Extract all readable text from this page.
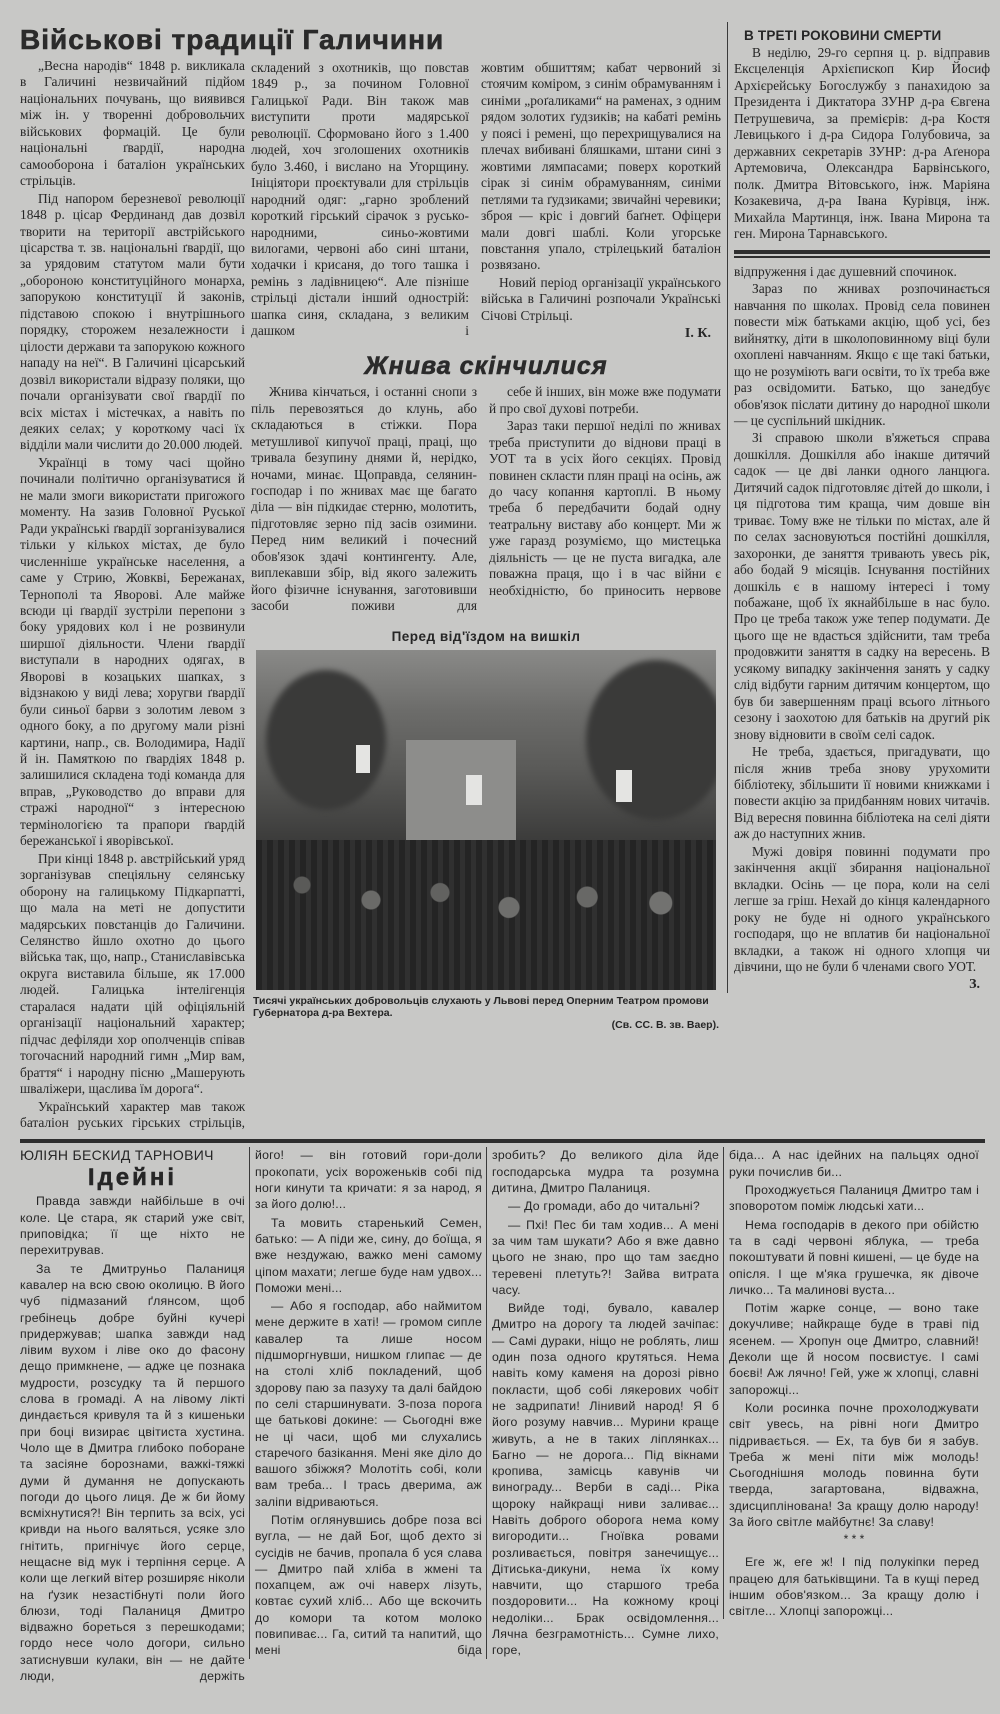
Військові традиції Галичини

„Весна народів“ 1848 р. викликала в Галичині незвичайний підйом національних почувань, що виявився між ін. у творенні добровольчих військових формацій. Це були національні ґвардії, народна самооборона і баталіон українських стрільців.

Під напором березневої революції 1848 р. цісар Фердинанд дав дозвіл творити на території австрійського цісарства т. зв. національні ґвардії, що за урядовим статутом мали бути „обороною конституційного монарха, запорукою конституції й законів, підставою спокою і внутрішнього порядку, сторожем незалежности і цілости держави та запорукою кожного нападу на неї“. В Галичині цісарський дозвіл використали відразу поляки, що почали організувати свої ґвардії по всіх містах і містечках, а навіть по деяких селах; у короткому часі їх відділи мали числити до 20.000 людей.

Українці в тому часі щойно починали політично організуватися й не мали змоги використати пригожого моменту. На зазив Головної Руської Ради українські ґвардії зорганізувалися тільки у кількох містах, де було численніше українське населення, а саме у Стрию, Жовкві, Бережанах, Тернополі та Яворові. Але майже всюди ці ґвардії зустріли перепони з боку урядових кол і не розвинули ширшої діяльности. Члени ґвардії виступали в народних одягах, в Яворові в козацьких шапках, з відзнакою у виді лева; хоругви ґвардії були синьої барви з золотим левом з одного боку, а по другому мали різні картини, напр., св. Володимира, Надії й ін. Памяткою по ґвардіях 1848 р. залишилися складена тоді команда для вправ, „Руководство до вправи для стражі народної“ з інтересною термінологією та прапори ґвардій бережанської і яворівської.

При кінці 1848 р. австрійський уряд зорганізував спеціяльну селянську оборону на галицькому Підкарпатті, що мала на меті не допустити мадярських повстанців до Галичини. Селянство йшло охотно до цього війська так, що, напр., Станиславівська округа виставила більше, як 17.000 людей. Галицька інтелігенція старалася надати цій офіціяльній організації національний характер; підчас дефіляди хор ополченців співав тогочасний народний гимн „Мир вам, браття“ і народну пісню „Машерують шваліжери, щаслива їм дорога“.

Український характер мав також баталіон руських гірських стрільців,

складений з охотників, що повстав 1849 р., за почином Головної Галицької Ради. Він також мав виступити проти мадярської революції. Сформовано його з 1.400 людей, хоч зголошених охотників було 3.460, і вислано на Угорщину. Ініціятори проєктували для стрільців народний одяг: „гарно зроблений короткий гірський сірачок з русько-народними, синьо-жовтими вилогами, червоні або сині штани, ходачки і крисаня, до того ташка і ремінь з ладівницею“. Але пізніше стрільці дістали інший однострій: шапка синя, складана, з великим дашком і

жовтим обшиттям; кабат червоний зі стоячим коміром, з синім обрамуванням і синіми „роґаликами“ на раменах, з одним рядом золотих ґудзиків; на кабаті ремінь у поясі і ремені, що перехрищувалися на плечах вибивані бляшками, штани сині з жовтими лямпасами; поверх короткий сірак зі синім обрамуванням, синіми петлями та ґудзиками; звичайні черевики; зброя — кріс і довгий баґнет. Офіцери мали довгі шаблі. Коли угорське повстання упало, стрілецький баталіон розвязано.

Новий період організації українського війська в Галичині розпочали Українські Січові Стрільці.

І. К.
Жнива скінчилися

Жнива кінчаться, і останні снопи з піль перевозяться до клунь, або складаються в стіжки. Пора метушливої кипучої праці, праці, що тривала безупину днями й, нерідко, ночами, минає. Щоправда, селянин-господар і по жнивах має ще багато діла — він підкидає стерню, молотить, підготовляє зерно під засів озимини. Перед ним великий і почесний обов'язок здачі контингенту. Але, виплекавши збір, від якого залежить його фізичне існування, заготовивши засоби поживи для

себе й інших, він може вже подумати й про свої духові потреби.

Зараз таки першої неділі по жнивах треба приступити до віднови праці в УОТ та в усіх його секціях. Провід повинен скласти плян праці на осінь, аж до часу копання картоплі. В ньому треба б передбачити бодай одну театральну виставу або концерт. Ми ж уже гаразд розуміємо, що мистецька діяльність — це не пуста вигадка, але поважна праця, що і в час війни є необхідністю, бо приносить нервове

Перед від'їздом на вишкіл
Тисячі українських добровольців слухають у Львові перед Оперним Театром промови Губернатора д-ра Вехтера.
(Св. СС. В. зв. Ваер).
В ТРЕТІ РОКОВИНИ СМЕРТИ

В неділю, 29-го серпня ц. р. відправив Ексцеленція Архієпископ Кир Йосиф Архієрейську Богослужбу з панахидою за Президента і Диктатора ЗУНР д-ра Євгена Петрушевича, за премієрів: д-ра Костя Левицького і д-ра Сидора Голубовича, за державних секретарів ЗУНР: д-ра Аґенора Артемовича, Олександра Барвінського, полк. Дмитра Вітовського, інж. Маріяна Козакевича, д-ра Івана Курівця, інж. Михайла Мартинця, інж. Івана Мирона та ген. Мирона Тарнавського.

відпруження і дає душевний спочинок.

Зараз по жнивах розпочинається навчання по школах. Провід села повинен повести між батьками акцію, щоб усі, без вийнятку, діти в школоповинному віці були охоплені навчанням. Якщо є ще такі батьки, що не розуміють ваги освіти, то їх треба вже раз освідомити. Батько, що занедбує обов'язок післати дитину до народної школи — це суспільний шкідник.

Зі справою школи в'яжеться справа дошкілля. Дошкілля або інакше дитячий садок — це дві ланки одного ланцюга. Дитячий садок підготовляє дітей до школи, і ця підготова тим краща, чим довше він триває. Тому вже не тільки по містах, але й по селах засновуються постійні дошкілля, захоронки, де заняття тривають увесь рік, або бодай 9 місяців. Існування постійних дошкіль є в нашому інтересі і тому побажане, щоб їх якнайбільше в нас було. Про це треба також уже тепер подумати. Де цього ще не вдасться здійснити, там треба продовжити заняття в садку на вересень. В усякому випадку закінчення занять у садку слід відбути гарним дитячим концертом, що був би завершенням праці всього літнього сезону і заохотою для батьків на другий рік знову відновити в своїм селі садок.

Не треба, здається, пригадувати, що після жнив треба знову урухомити бібліотеку, збільшити її новими книжками і повести акцію за придбанням нових читачів. Від вересня повинна бібліотека на селі діяти аж до наступних жнив.

Мужі довіря повинні подумати про закінчення акції збирання національної вкладки. Осінь — це пора, коли на селі легше за гріш. Нехай до кінця календарного року не буде ні одного українського господаря, що не вплатив би національної вкладки, а також ні одного хлопця чи дівчини, що не були б членами свого УОТ.

З.
ЮЛІЯН БЕСКИД ТАРНОВИЧ
Ідейні

Правда завжди найбільше в очі коле. Це стара, як старий уже світ, приповідка; її ще ніхто не перехитрував.

За те Дмитруньо Паланиця кавалер на всю свою околицю. В його чуб підмазаний ґлянсом, щоб гребінець добре буйні кучері придержував; шапка завжди над лівим вухом і ліве око до фасону дещо примкнене, — адже це познака мудрости, розсудку та й першого слова в громаді. А на лівому лікті диндається кривуля та й з кишеньки при боці визирає цвітиста хустина. Чоло ще в Дмитра глибоко поборане та засіяне борознами, важкі-тяжкі думи й думання не допускають погоди до цього лиця. Де ж би йому всміхнутися?! Він терпить за всіх, усі кривди на нього валяться, усяке зло гнітить, пригнічує його серце, нещасне від мук і терпіння серце. А коли ще легкий вітер розширяє ніколи на ґузик незастібнуті поли його блюзи, тоді Паланиця Дмитро відважно бореться з перешкодами; гордо несе чоло догори, сильно затиснувши кулаки, він — не дайте люди, держіть

його! — він готовий гори-доли прокопати, усіх вороженьків собі під ноги кинути та кричати: я за народ, я за його долю!...

Та мовить старенький Семен, батько: — А піди же, сину, до боїща, я вже нездужаю, важко мені самому ціпом махати; легше буде нам удвох... Поможи мені...

— Або я господар, або наймитом мене держите в хаті! — громом сипле кавалер та лише носом підшморгнувши, нишком глипає — де на столі хліб покладений, щоб здорову паю за пазуху та далі байдою по селі старшинувати. З-поза порога ще батькові докине: — Сьогодні вже не ці часи, щоб ми слухались старечого базікання. Мені яке діло до вашого збіжжя? Молотіть собі, коли вам треба... І трась дверима, аж заліпи відриваються.

Потім оглянувшись добре поза всі вугла, — не дай Бог, щоб дехто зі сусідів не бачив, пропала б уся слава — Дмитро пай хліба в жмені та похапцем, аж очі наверх лізуть, ковтає сухий хліб... Або ще вскочить до комори та котом молоко повипиває... Га, ситий та напитий, що мені біда

зробить? До великого діла йде господарська мудра та розумна дитина, Дмитро Паланиця.

— До громади, або до читальні?

— Пхі! Пес би там ходив... А мені за чим там шукати? Або я вже давно цього не знаю, про що там заєдно теревені плетуть?! Зайва витрата часу.

Вийде тоді, бувало, кавалер Дмитро на дорогу та людей зачіпає: — Самі дураки, ніщо не роблять, лиш один поза одного крутяться. Нема навіть кому каменя на дорозі рівно покласти, щоб собі лякерових чобіт не задрипати! Лінивий народ! Я б його розуму навчив... Мурини краще живуть, а не в таких ліплянках... Багно — не дорога... Під вікнами кропива, замісць кавунів чи винограду... Верби в саді... Ріка щороку найкращі ниви заливає... Навіть доброго оборога нема кому вигородити... Гноївка ровами розливається, повітря занечищує... Дітиська-дикуни, нема їх кому навчити, що старшого треба поздоровити... На кожному кроці недоліки... Брак освідомлення... Лячна безграмотність... Сумне лихо, горе,

біда... А нас ідейних на пальцях одної руки почислив би...

Проходжується Паланиця Дмитро там і зповоротом поміж людські хати...

Нема господарів в декого при обійстю та в саді червоні яблука, — треба покоштувати й повні кишені, — це буде на опісля. І ще м'яка грушечка, як дівоче личко... Та малинові вуста...

Потім жарке сонце, — воно таке докучливе; найкраще буде в траві під ясенем. — Хропун оце Дмитро, славний! Деколи ще й носом посвистує. І самі боєві! Аж лячно! Гей, уже ж хлопці, славні запорожці...

Коли росинка почне прохолоджувати світ увесь, на рівні ноги Дмитро підривається. — Ех, та був би я забув. Треба ж мені піти між молодь! Сьогоднішня молодь повинна бути тверда, загартована, відважна, здисциплінована! За кращу долю народу! За його світле майбутнє! За славу!

* * *

Еге ж, еге ж! І під полукіпки перед працею для батьківщини. Та в кущі перед іншим обов'язком... За кращу долю і світле... Хлопці запорожці...
